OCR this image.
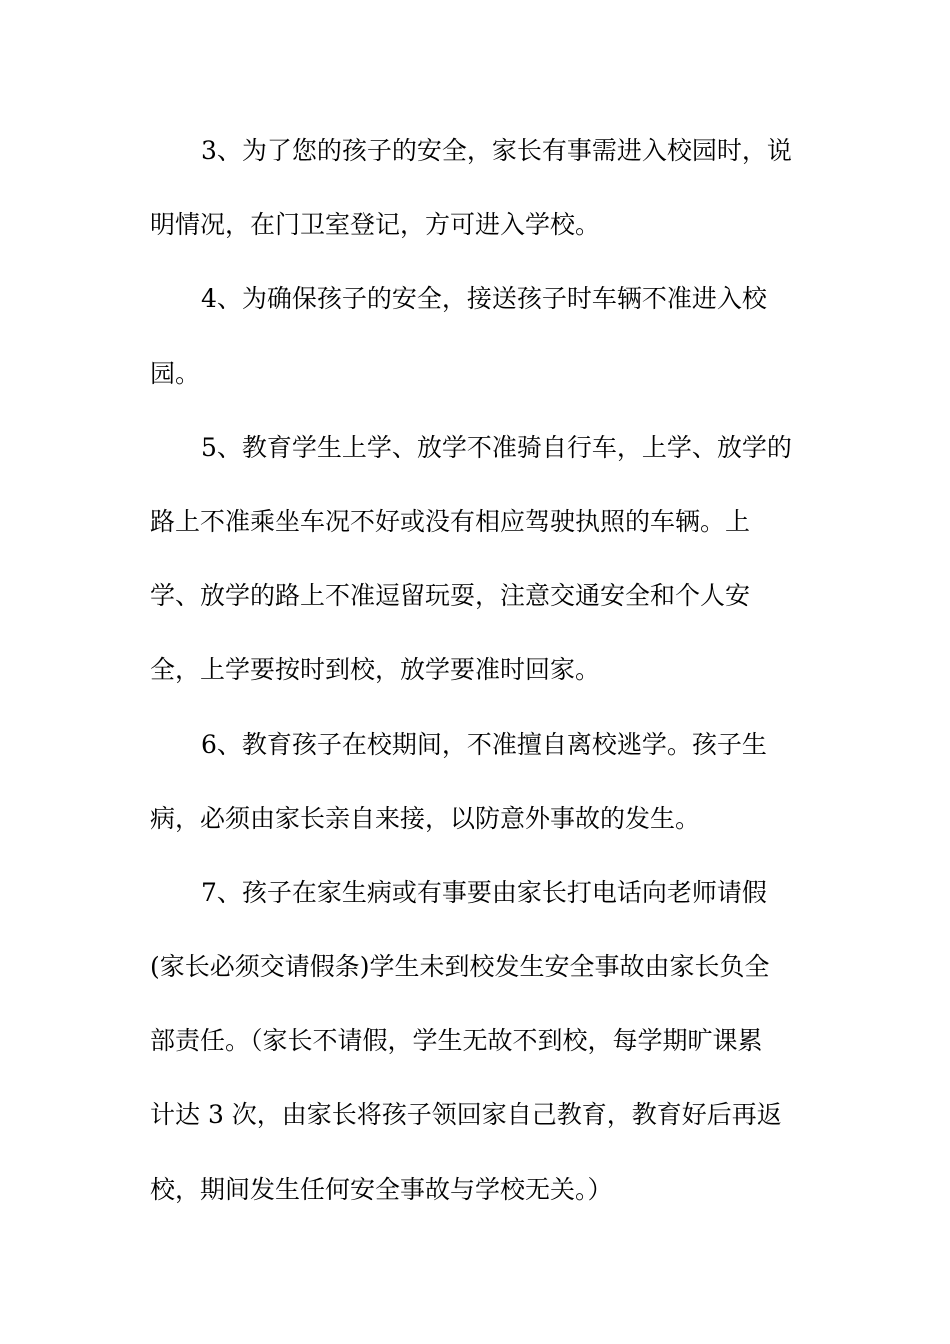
3、为了您的孩子的安全，家长有事需进入校园时，说
明情况，在门卫室登记，方可进入学校。
4、为确保孩子的安全，接送孩子时车辆不准进入校
园。
5、教育学生上学、放学不准骑自行车，上学、放学的
路上不准乘坐车况不好或没有相应驾驶执照的车辆。上
学、放学的路上不准逗留玩耍，注意交通安全和个人安
全，上学要按时到校，放学要准时回家。
6、教育孩子在校期间，不准擅自离校逃学。孩子生
病，必须由家长亲自来接，以防意外事故的发生。
7、孩子在家生病或有事要由家长打电话向老师请假
(家长必须交请假条)学生未到校发生安全事故由家长负全
部责任。（家长不请假，学生无故不到校，每学期旷课累
计达 3 次，由家长将孩子领回家自己教育，教育好后再返
校，期间发生任何安全事故与学校无关。）
